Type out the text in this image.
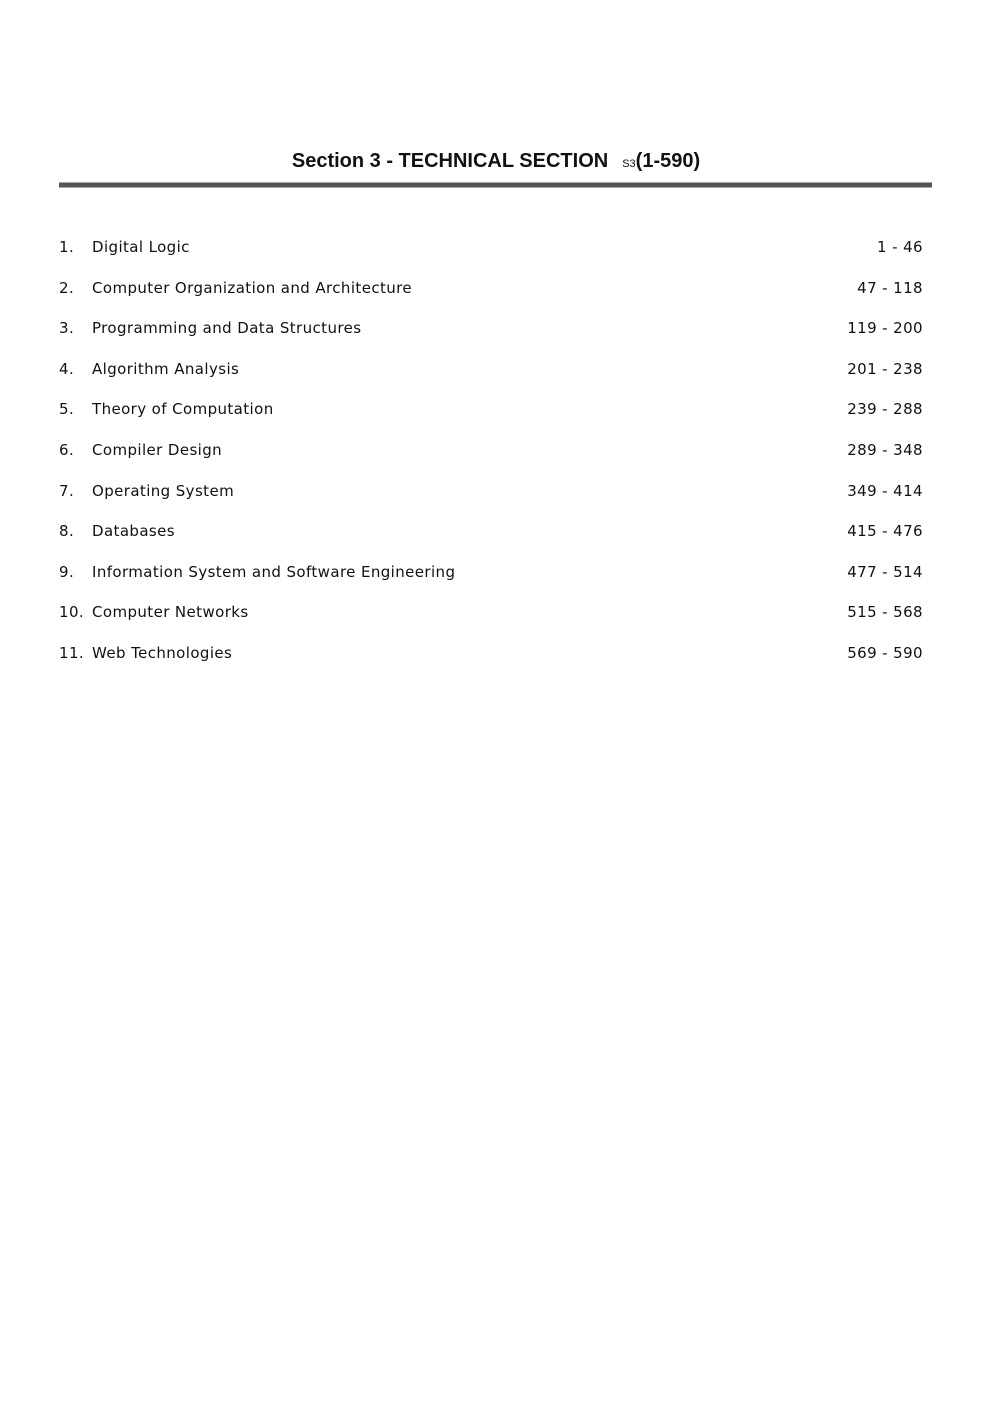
Section 3 - TECHNICAL SECTION S3(1-590)
1.	Digital Logic	1 - 46
2.	Computer Organization and Architecture	47 - 118
3.	Programming and Data Structures	119 - 200
4.	Algorithm Analysis	201 - 238
5.	Theory of Computation	239 - 288
6.	Compiler Design	289 - 348
7.	Operating System	349 - 414
8.	Databases	415 - 476
9.	Information System and Software Engineering	477 - 514
10. Computer Networks	515 - 568
11. Web Technologies	569 - 590
